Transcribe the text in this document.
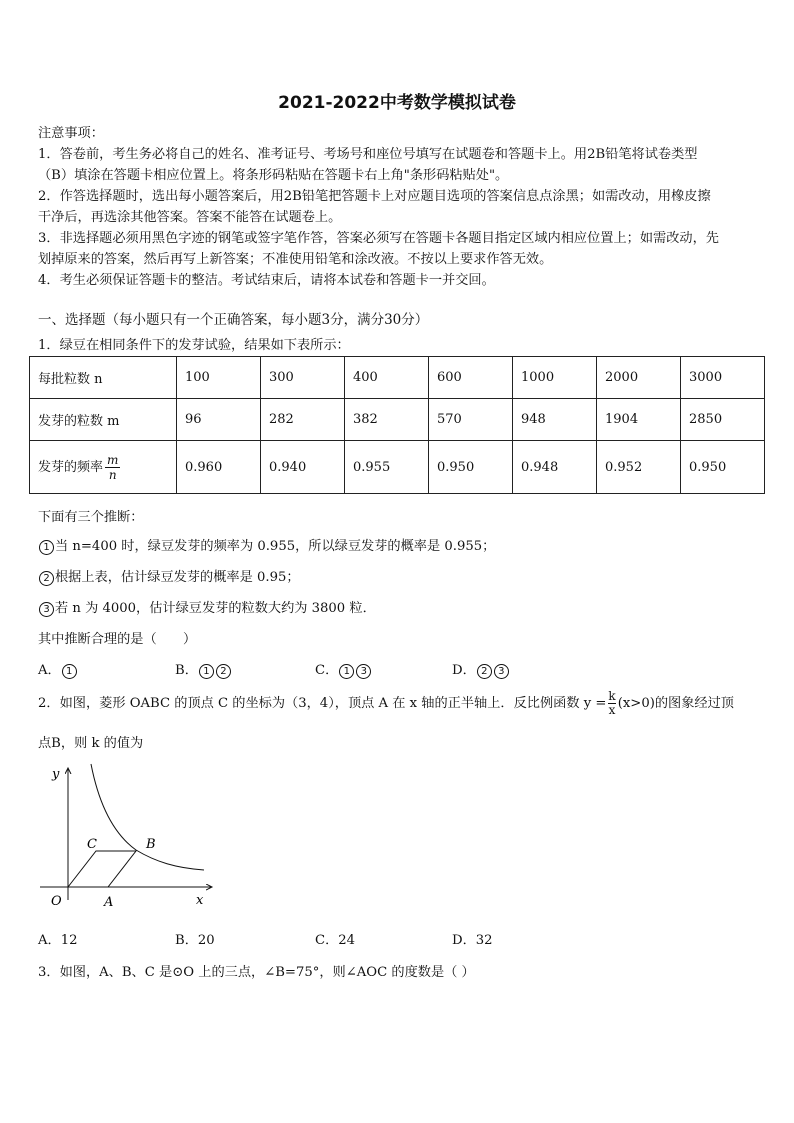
2021-2022中考数学模拟试卷
注意事项：
1．答卷前，考生务必将自己的姓名、准考证号、考场号和座位号填写在试题卷和答题卡上。用2B铅笔将试卷类型
（B）填涂在答题卡相应位置上。将条形码粘贴在答题卡右上角"条形码粘贴处"。
2．作答选择题时，选出每小题答案后，用2B铅笔把答题卡上对应题目选项的答案信息点涂黑；如需改动，用橡皮擦
干净后，再选涂其他答案。答案不能答在试题卷上。
3．非选择题必须用黑色字迹的钢笔或签字笔作答，答案必须写在答题卡各题目指定区域内相应位置上；如需改动，先
划掉原来的答案，然后再写上新答案；不准使用铅笔和涂改液。不按以上要求作答无效。
4．考生必须保证答题卡的整洁。考试结束后，请将本试卷和答题卡一并交回。
一、选择题（每小题只有一个正确答案，每小题3分，满分30分）
1．绿豆在相同条件下的发芽试验，结果如下表所示：
每批粒数 n	100	300	400	600	1000	2000	3000
发芽的粒数 m	96	282	382	570	948	1904	2850
发芽的频率 $\frac{m}{n}$	0.960	0.940	0.955	0.950	0.948	0.952	0.950
下面有三个推断：
1 当 n=400 时，绿豆发芽的频率为 0.955，所以绿豆发芽的概率是 0.955；
2 根据上表，估计绿豆发芽的概率是 0.95；
3 若 n 为 4000，估计绿豆发芽的粒数大约为 3800 粒．
其中推断合理的是（　　）
A． 1	B． 1 2	C． 1 3	D． 2 3
2．如图，菱形 OABC 的顶点 C 的坐标为（3，4），顶点 A 在 x 轴的正半轴上．反比例函数 $y = \frac{k}{x} (x>0)$的图象经过顶
点B，则 k 的值为
y
x
O	A
B
C
A．12	B．20	C．24	D．32
3．如图，A、B、C 是⊙O 上的三点，∠B=75°，则∠AOC 的度数是（ ）
